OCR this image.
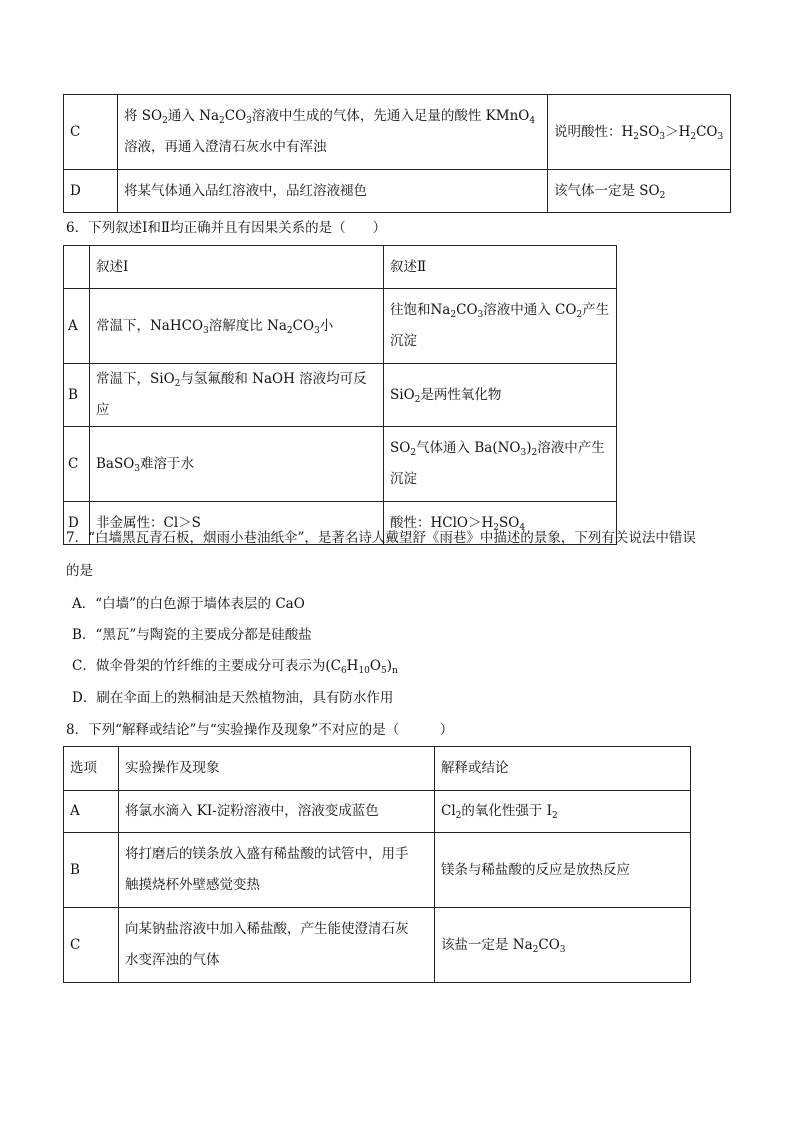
C	将 $SO_2$通入 $Na_2CO_3$溶液中生成的气体，先通入足量的酸性 KMnO$_4$
溶液，再通入澄清石灰水中有浑浊	说明酸性：$H_2SO_3>H_2CO_3$
D	将某气体通入品红溶液中，品红溶液褪色	该气体一定是 $SO_2$
6．下列叙述Ⅰ和Ⅱ均正确并且有因果关系的是（　　）
	叙述Ⅰ	叙述Ⅱ
A	常温下，NaHCO$_3$溶解度比 $Na_2CO_3$小	往饱和$Na_2CO_3$溶液中通入 $CO_2$产生
沉淀
B	常温下，SiO$_2$与氢氟酸和 NaOH 溶液均可反应	SiO$_2$是两性氧化物
C	BaSO$_3$难溶于水	$SO_2$气体通入 $Ba(NO_3)_2$溶液中产生
沉淀
D	非金属性：Cl＞S	酸性：$HClO>H_2SO_4$
7．“白墙黑瓦青石板，烟雨小巷油纸伞”，是著名诗人戴望舒《雨巷》中描述的景象，下列有关说法中错误
的是
A．“白墙”的白色源于墙体表层的 CaO
B．“黑瓦”与陶瓷的主要成分都是硅酸盐
C．做伞骨架的竹纤维的主要成分可表示为$(C_6H_{10}O_5)_n$
D．刷在伞面上的熟桐油是天然植物油，具有防水作用
8．下列“解释或结论”与“实验操作及现象”不对应的是（　　　）
选项	实验操作及现象	解释或结论
A	将氯水滴入 KI-淀粉溶液中，溶液变成蓝色	$Cl_2$的氧化性强于 $I_2$
B	将打磨后的镁条放入盛有稀盐酸的试管中，用手
触摸烧杯外壁感觉变热	镁条与稀盐酸的反应是放热反应
C	向某钠盐溶液中加入稀盐酸，产生能使澄清石灰
水变浑浊的气体	该盐一定是 $Na_2CO_3$
